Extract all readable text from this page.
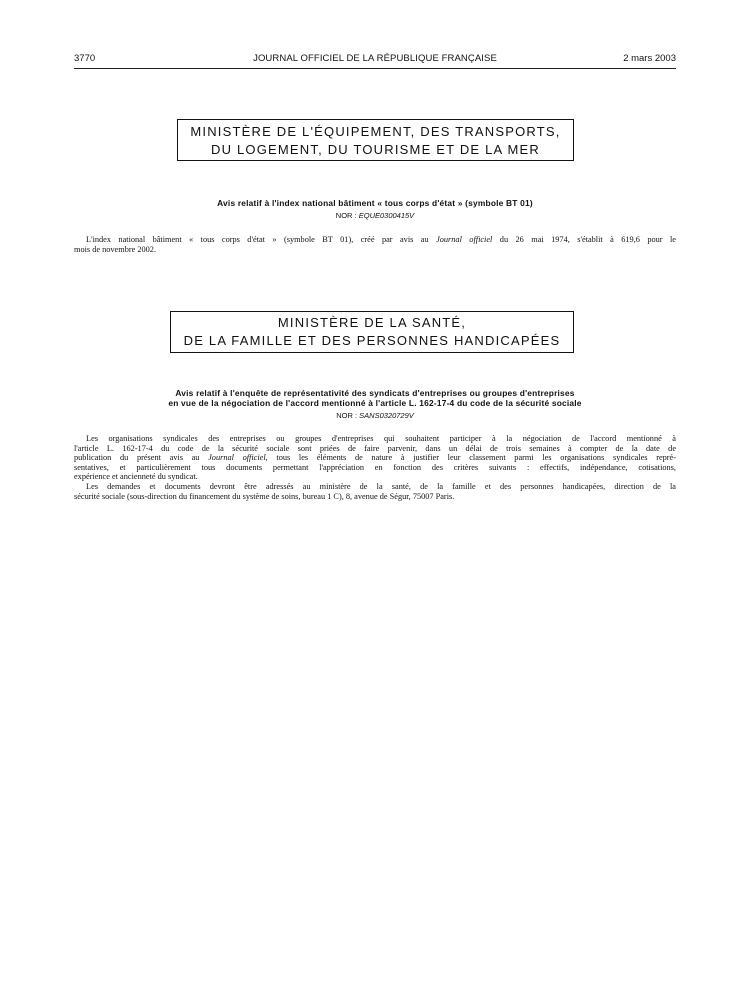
3770	JOURNAL OFFICIEL DE LA RÉPUBLIQUE FRANÇAISE	2 mars 2003
MINISTÈRE DE L'ÉQUIPEMENT, DES TRANSPORTS,
DU LOGEMENT, DU TOURISME ET DE LA MER
Avis relatif à l'index national bâtiment « tous corps d'état » (symbole BT 01)
NOR : EQUE0300415V
L'index national bâtiment « tous corps d'état » (symbole BT 01), créé par avis au Journal officiel du 26 mai 1974, s'établit à 619,6 pour le
mois de novembre 2002.
MINISTÈRE DE LA SANTÉ,
DE LA FAMILLE ET DES PERSONNES HANDICAPÉES
Avis relatif à l'enquête de représentativité des syndicats d'entreprises ou groupes d'entreprises
en vue de la négociation de l'accord mentionné à l'article L. 162-17-4 du code de la sécurité sociale
NOR : SANS0320729V
Les organisations syndicales des entreprises ou groupes d'entreprises qui souhaitent participer à la négociation de l'accord mentionné à
l'article L. 162-17-4 du code de la sécurité sociale sont priées de faire parvenir, dans un délai de trois semaines à compter de la date de
publication du présent avis au Journal officiel, tous les éléments de nature à justifier leur classement parmi les organisations syndicales repré-
sentatives, et particulièrement tous documents permettant l'appréciation en fonction des critères suivants : effectifs, indépendance, cotisations,
expérience et ancienneté du syndicat.
Les demandes et documents devront être adressés au ministère de la santé, de la famille et des personnes handicapées, direction de la
sécurité sociale (sous-direction du financement du système de soins, bureau 1 C), 8, avenue de Ségur, 75007 Paris.
